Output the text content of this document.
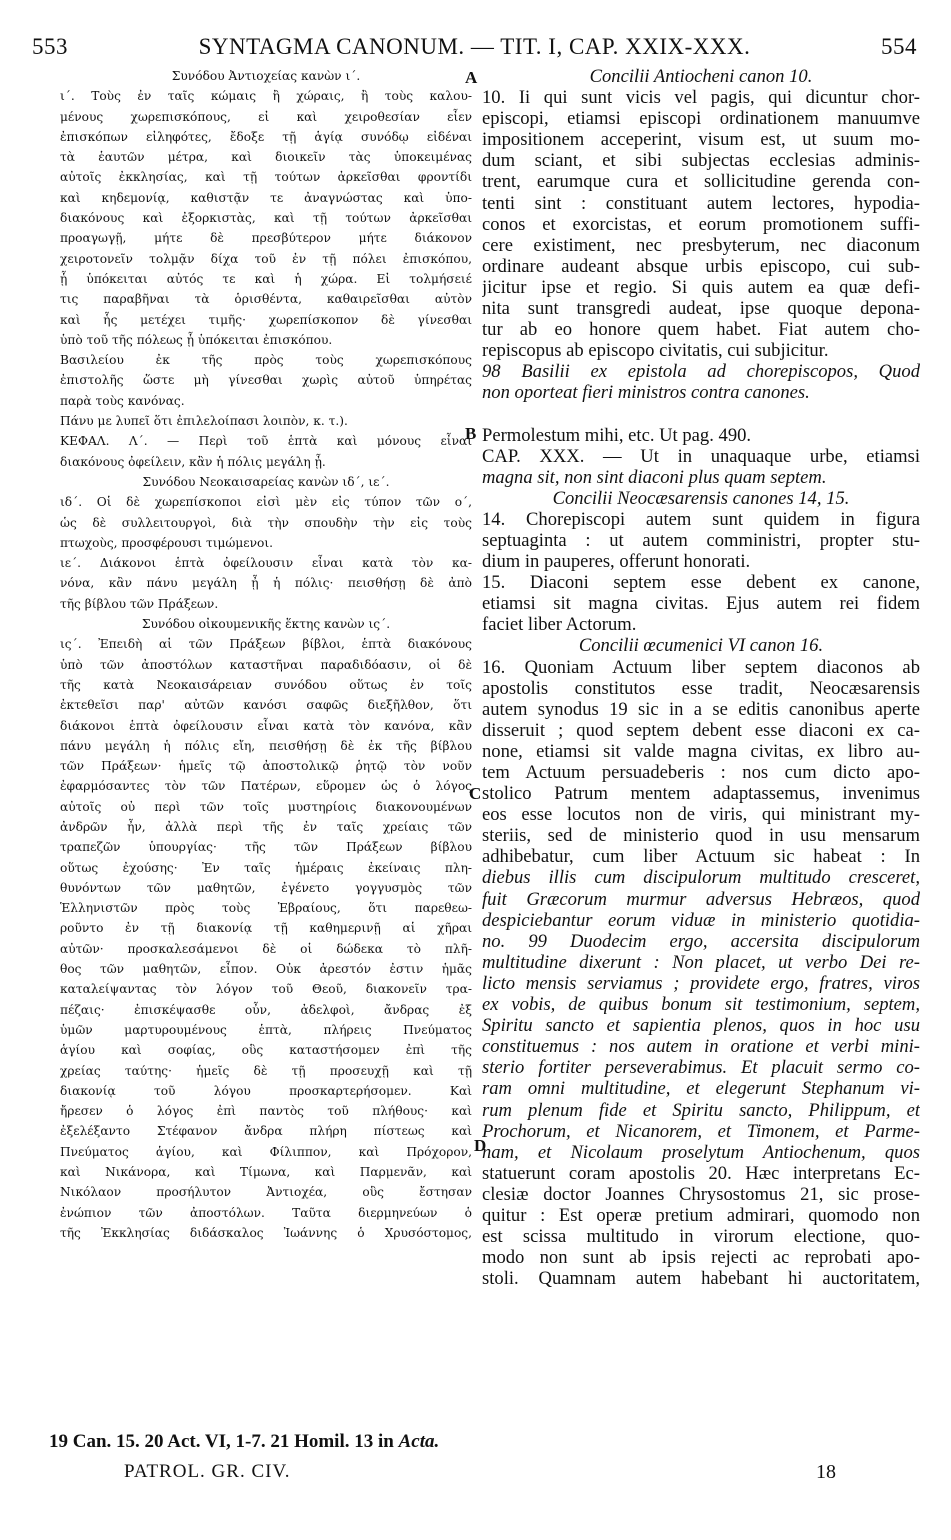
553	SYNTAGMA CANONUM. — TIT. I, CAP. XXIX-XXX.	554

Συνόδου Ἀντιοχείας κανὼν ι΄.

ι΄. Τοὺς ἐν ταῖς κώμαις ἢ χώραις, ἢ τοὺς καλου-

μένους χωρεπισκόπους, εἰ καὶ χειροθεσίαν εἶεν

ἐπισκόπων εἰληφότες, ἔδοξε τῇ ἁγίᾳ συνόδῳ εἰδέναι

τὰ ἑαυτῶν μέτρα, καὶ διοικεῖν τὰς ὑποκειμένας

αὐτοῖς ἐκκλησίας, καὶ τῇ τούτων ἀρκεῖσθαι φροντίδι

καὶ κηδεμονίᾳ, καθιστᾷν τε ἀναγνώστας καὶ ὑπο-

διακόνους καὶ ἐξορκιστὰς, καὶ τῇ τούτων ἀρκεῖσθαι

προαγωγῇ, μήτε δὲ πρεσβύτερον μήτε διάκονον

χειροτονεῖν τολμᾷν δίχα τοῦ ἐν τῇ πόλει ἐπισκόπου,

ᾗ ὑπόκειται αὐτός τε καὶ ἡ χώρα. Εἰ τολμήσειέ

τις παραβῆναι τὰ ὁρισθέντα, καθαιρεῖσθαι αὐτὸν

καὶ ἧς μετέχει τιμῆς· χωρεπίσκοπον δὲ γίνεσθαι

ὑπὸ τοῦ τῆς πόλεως ᾗ ὑπόκειται ἐπισκόπου.

Βασιλείου ἐκ τῆς πρὸς τοὺς χωρεπισκόπους

ἐπιστολῆς ὥστε μὴ γίνεσθαι χωρὶς αὐτοῦ ὑπηρέτας

παρὰ τοὺς κανόνας.

Πάνυ με λυπεῖ ὅτι ἐπιλελοίπασι λοιπὸν, κ. τ.).

ΚΕΦΑΛ. Λ΄. — Περὶ τοῦ ἑπτὰ καὶ μόνους εἶναι

διακόνους ὀφείλειν, κἂν ἡ πόλις μεγάλη ᾖ.

Συνόδου Νεοκαισαρείας κανὼν ιδ΄, ιε΄.

ιδ΄. Οἱ δὲ χωρεπίσκοποι εἰσὶ μὲν εἰς τύπον τῶν ο΄,

ὡς δὲ συλλειτουργοὶ, διὰ τὴν σπουδὴν τὴν εἰς τοὺς

πτωχοὺς, προσφέρουσι τιμώμενοι.

ιε΄. Διάκονοι ἑπτὰ ὀφείλουσιν εἶναι κατὰ τὸν κα-

νόνα, κἂν πάνυ μεγάλη ᾖ ἡ πόλις· πεισθήσῃ δὲ ἀπὸ

τῆς βίβλου τῶν Πράξεων.

Συνόδου οἰκουμενικῆς ἕκτης κανὼν ις΄.

ις΄. Ἐπειδὴ αἱ τῶν Πράξεων βίβλοι, ἑπτὰ διακόνους

ὑπὸ τῶν ἀποστόλων καταστῆναι παραδιδόασιν, οἱ δὲ

τῆς κατὰ Νεοκαισάρειαν συνόδου οὕτως ἐν τοῖς

ἐκτεθεῖσι παρ' αὐτῶν κανόσι σαφῶς διεξῆλθον, ὅτι

διάκονοι ἑπτὰ ὀφείλουσιν εἶναι κατὰ τὸν κανόνα, κἂν

πάνυ μεγάλη ἡ πόλις εἴη, πεισθήσῃ δὲ ἐκ τῆς βίβλου

τῶν Πράξεων· ἡμεῖς τῷ ἀποστολικῷ ῥητῷ τὸν νοῦν

ἐφαρμόσαντες τὸν τῶν Πατέρων, εὕρομεν ὡς ὁ λόγος

αὐτοῖς οὐ περὶ τῶν τοῖς μυστηρίοις διακονουμένων

ἀνδρῶν ἦν, ἀλλὰ περὶ τῆς ἐν ταῖς χρείαις τῶν

τραπεζῶν ὑπουργίας· τῆς τῶν Πράξεων βίβλου

οὕτως ἐχούσης· Ἐν ταῖς ἡμέραις ἐκείναις πλη-

θυνόντων τῶν μαθητῶν, ἐγένετο γογγυσμὸς τῶν

Ἑλληνιστῶν πρὸς τοὺς Ἑβραίους, ὅτι παρεθεω-

ροῦντο ἐν τῇ διακονίᾳ τῇ καθημερινῇ αἱ χῆραι

αὐτῶν· προσκαλεσάμενοι δὲ οἱ δώδεκα τὸ πλῆ-

θος τῶν μαθητῶν, εἶπον. Οὐκ ἀρεστόν ἐστιν ἡμᾶς

καταλείψαντας τὸν λόγον τοῦ Θεοῦ, διακονεῖν τρα-

πέζαις· ἐπισκέψασθε οὖν, ἀδελφοὶ, ἄνδρας ἐξ

ὑμῶν μαρτυρουμένους ἑπτὰ, πλήρεις Πνεύματος

ἁγίου καὶ σοφίας, οὓς καταστήσομεν ἐπὶ τῆς

χρείας ταύτης· ἡμεῖς δὲ τῇ προσευχῇ καὶ τῇ

διακονίᾳ τοῦ λόγου προσκαρτερήσομεν. Καὶ

ἤρεσεν ὁ λόγος ἐπὶ παντὸς τοῦ πλήθους· καὶ

ἐξελέξαντο Στέφανον ἄνδρα πλήρη πίστεως καὶ

Πνεύματος ἁγίου, καὶ Φίλιππον, καὶ Πρόχορον,

καὶ Νικάνορα, καὶ Τίμωνα, καὶ Παρμενᾶν, καὶ

Νικόλαον προσήλυτον Ἀντιοχέα, οὓς ἔστησαν

ἐνώπιον τῶν ἀποστόλων. Ταῦτα διερμηνεύων ὁ

τῆς Ἐκκλησίας διδάσκαλος Ἰωάννης ὁ Χρυσόστομος,

Concilii Antiocheni canon 10.

10. Ii qui sunt vicis vel pagis, qui dicuntur chor-

episcopi, etiamsi episcopi ordinationem manuumve

impositionem acceperint, visum est, ut suum mo-

dum sciant, et sibi subjectas ecclesias adminis-

trent, earumque cura et sollicitudine gerenda con-

tenti sint : constituant autem lectores, hypodia-

conos et exorcistas, et eorum promotionem suffi-

cere existiment, nec presbyterum, nec diaconum

ordinare audeant absque urbis episcopo, cui sub-

jicitur ipse et regio. Si quis autem ea quæ defi-

nita sunt transgredi audeat, ipse quoque depona-

tur ab eo honore quem habet. Fiat autem cho-

repiscopus ab episcopo civitatis, cui subjicitur.

98 Basilii ex epistola ad chorepiscopos, Quod

non oporteat fieri ministros contra canones.

Permolestum mihi, etc. Ut pag. 490.

CAP. XXX. — Ut in unaquaque urbe, etiamsi

magna sit, non sint diaconi plus quam septem.

Concilii Neocæsarensis canones 14, 15.

14. Chorepiscopi autem sunt quidem in figura

septuaginta : ut autem comministri, propter stu-

dium in pauperes, offerunt honorati.

15. Diaconi septem esse debent ex canone,

etiamsi sit magna civitas. Ejus autem rei fidem

faciet liber Actorum.

Concilii œcumenici VI canon 16.

16. Quoniam Actuum liber septem diaconos ab

apostolis constitutos esse tradit, Neocæsarensis

autem synodus 19 sic in a se editis canonibus aperte

disseruit ; quod septem debent esse diaconi ex ca-

none, etiamsi sit valde magna civitas, ex libro au-

tem Actuum persuadeberis : nos cum dicto apo-

stolico Patrum mentem adaptassemus, invenimus

eos esse locutos non de viris, qui ministrant my-

steriis, sed de ministerio quod in usu mensarum

adhibebatur, cum liber Actuum sic habeat : In

diebus illis cum discipulorum multitudo cresceret,

fuit Græcorum murmur adversus Hebræos, quod

despiciebantur eorum viduæ in ministerio quotidia-

no. 99 Duodecim ergo, accersita discipulorum

multitudine dixerunt : Non placet, ut verbo Dei re-

licto mensis serviamus ; providete ergo, fratres, viros

ex vobis, de quibus bonum sit testimonium, septem,

Spiritu sancto et sapientia plenos, quos in hoc usu

constituemus : nos autem in oratione et verbi mini-

sterio fortiter perseverabimus. Et placuit sermo co-

ram omni multitudine, et elegerunt Stephanum vi-

rum plenum fide et Spiritu sancto, Philippum, et

Prochorum, et Nicanorem, et Timonem, et Parme-

nam, et Nicolaum proselytum Antiochenum, quos

statuerunt coram apostolis 20. Hæc interpretans Ec-

clesiæ doctor Joannes Chrysostomus 21, sic prose-

quitur : Est operæ pretium admirari, quomodo non

est scissa multitudo in virorum electione, quo-

modo non sunt ab ipsis rejecti ac reprobati apo-

stoli. Quamnam autem habebant hi auctoritatem,

A
B
C
D
19 Can. 15. 20 Act. VI, 1-7. 21 Homil. 13 in Acta.
PATROL. GR. CIV.	18
